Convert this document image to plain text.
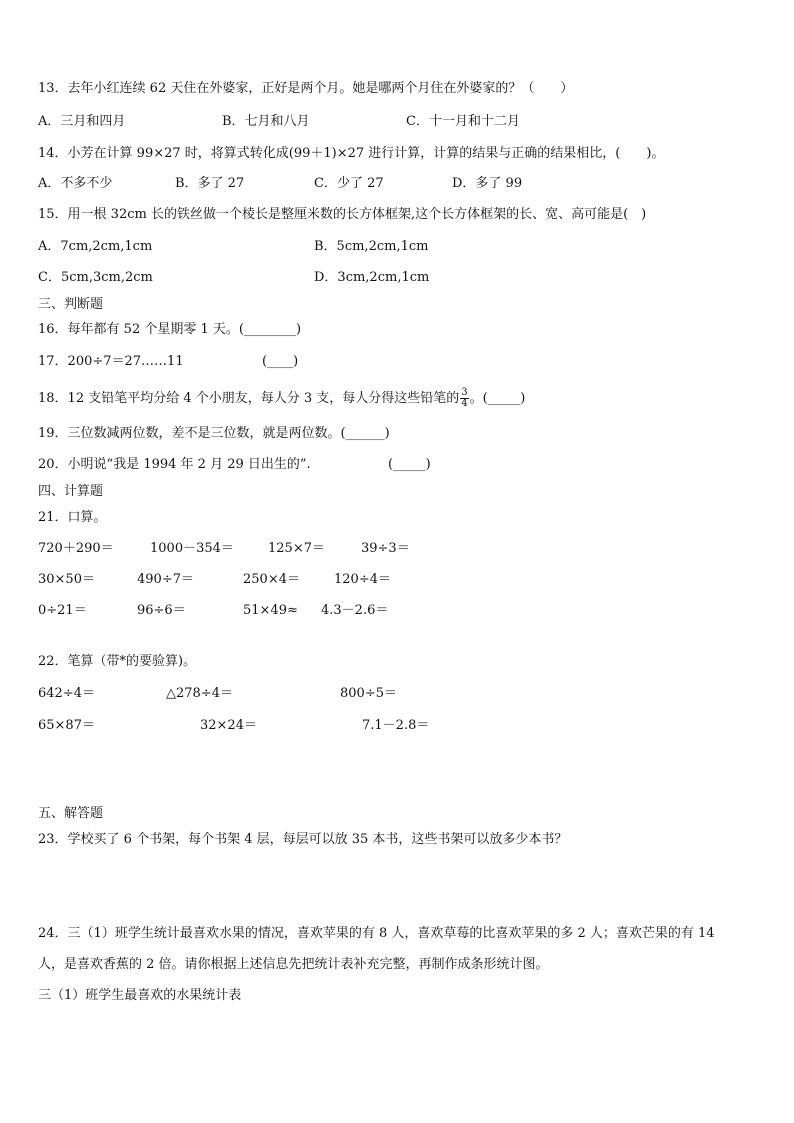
13．去年小红连续 62 天住在外婆家，正好是两个月。她是哪两个月住在外婆家的？（　　）
A．三月和四月	B．七月和八月	C．十一月和十二月
14．小芳在计算 99×27 时，将算式转化成(99＋1)×27 进行计算，计算的结果与正确的结果相比，(　　)。
A．不多不少	B．多了 27	C．少了 27	D．多了 99
15．用一根 32cm 长的铁丝做一个棱长是整厘米数的长方体框架,这个长方体框架的长、宽、高可能是(　)
A．7cm,2cm,1cm	B．5cm,2cm,1cm
C．5cm,3cm,2cm	D．3cm,2cm,1cm
三、判断题
16．每年都有 52 个星期零 1 天。(________)
17．200÷7＝27……11	(____)
18．12 支铅笔平均分给 4 个小朋友，每人分 3 支，每人分得这些铅笔的 $\frac{3}{4}$ 。(_____)
19．三位数减两位数，差不是三位数，就是两位数。(______)
20．小明说“我是 1994 年 2 月 29 日出生的”.	(_____)
四、计算题
21．口算。
720＋290＝	1000－354＝	125×7＝	39÷3＝
30×50＝	490÷7＝	250×4＝	120÷4＝
0÷21＝	96÷6＝	51×49≈ 4.3－2.6＝
22．笔算（带*的要验算)。
642÷4＝	△278÷4＝	800÷5＝
65×87＝	32×24＝	7.1－2.8＝
五、解答题
23．学校买了 6 个书架，每个书架 4 层，每层可以放 35 本书，这些书架可以放多少本书？
24．三（1）班学生统计最喜欢水果的情况，喜欢苹果的有 8 人，喜欢草莓的比喜欢苹果的多 2 人；喜欢芒果的有 14
人，是喜欢香蕉的 2 倍。请你根据上述信息先把统计表补充完整，再制作成条形统计图。
三（1）班学生最喜欢的水果统计表
